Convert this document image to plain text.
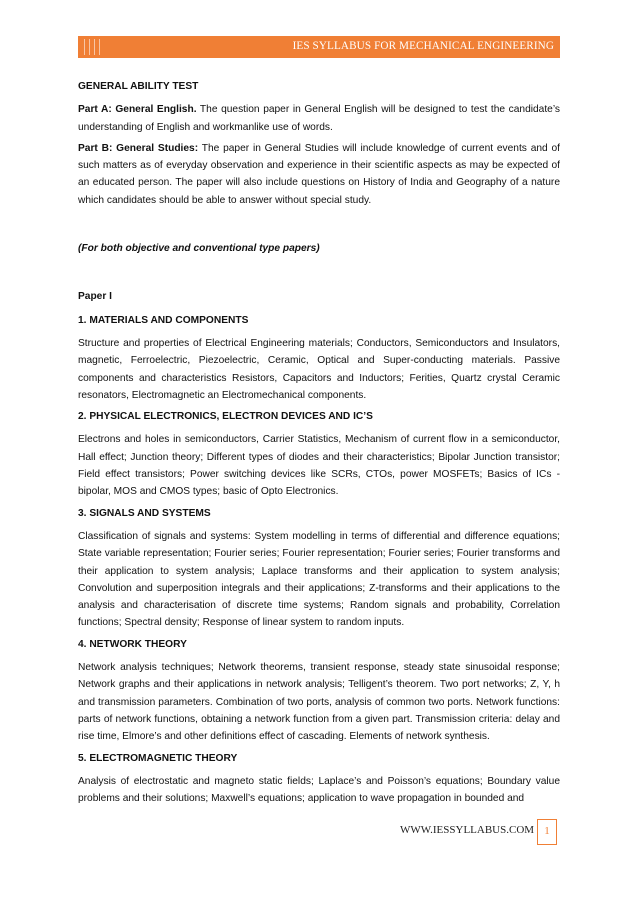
IES SYLLABUS FOR MECHANICAL ENGINEERING

GENERAL ABILITY TEST

Part A: General English. The question paper in General English will be designed to test the candidate’s understanding of English and workmanlike use of words.

Part B: General Studies: The paper in General Studies will include knowledge of current events and of such matters as of everyday observation and experience in their scientific aspects as may be expected of an educated person. The paper will also include questions on History of India and Geography of a nature which candidates should be able to answer without special study.

(For both objective and conventional type papers)

Paper I

1. MATERIALS AND COMPONENTS

Structure and properties of Electrical Engineering materials; Conductors, Semiconductors and Insulators, magnetic, Ferroelectric, Piezoelectric, Ceramic, Optical and Super-conducting materials. Passive components and characteristics Resistors, Capacitors and Inductors; Ferities, Quartz crystal Ceramic resonators, Electromagnetic an Electromechanical components.

2. PHYSICAL ELECTRONICS, ELECTRON DEVICES AND IC’S

Electrons and holes in semiconductors, Carrier Statistics, Mechanism of current flow in a semiconductor, Hall effect; Junction theory; Different types of diodes and their characteristics; Bipolar Junction transistor; Field effect transistors; Power switching devices like SCRs, CTOs, power MOSFETs; Basics of ICs - bipolar, MOS and CMOS types; basic of Opto Electronics.

3. SIGNALS AND SYSTEMS

Classification of signals and systems: System modelling in terms of differential and difference equations; State variable representation; Fourier series; Fourier representation; Fourier series; Fourier transforms and their application to system analysis; Laplace transforms and their application to system analysis; Convolution and superposition integrals and their applications; Z-transforms and their applications to the analysis and characterisation of discrete time systems; Random signals and probability, Correlation functions; Spectral density; Response of linear system to random inputs.

4. NETWORK THEORY

Network analysis techniques; Network theorems, transient response, steady state sinusoidal response; Network graphs and their applications in network analysis; Telligent’s theorem. Two port networks; Z, Y, h and transmission parameters. Combination of two ports, analysis of common two ports. Network functions: parts of network functions, obtaining a network function from a given part. Transmission criteria: delay and rise time, Elmore’s and other definitions effect of cascading. Elements of network synthesis.

5. ELECTROMAGNETIC THEORY

Analysis of electrostatic and magneto static fields; Laplace’s and Poisson’s equations; Boundary value problems and their solutions; Maxwell’s equations; application to wave propagation in bounded and

WWW.IESSYLLABUS.COM 1
